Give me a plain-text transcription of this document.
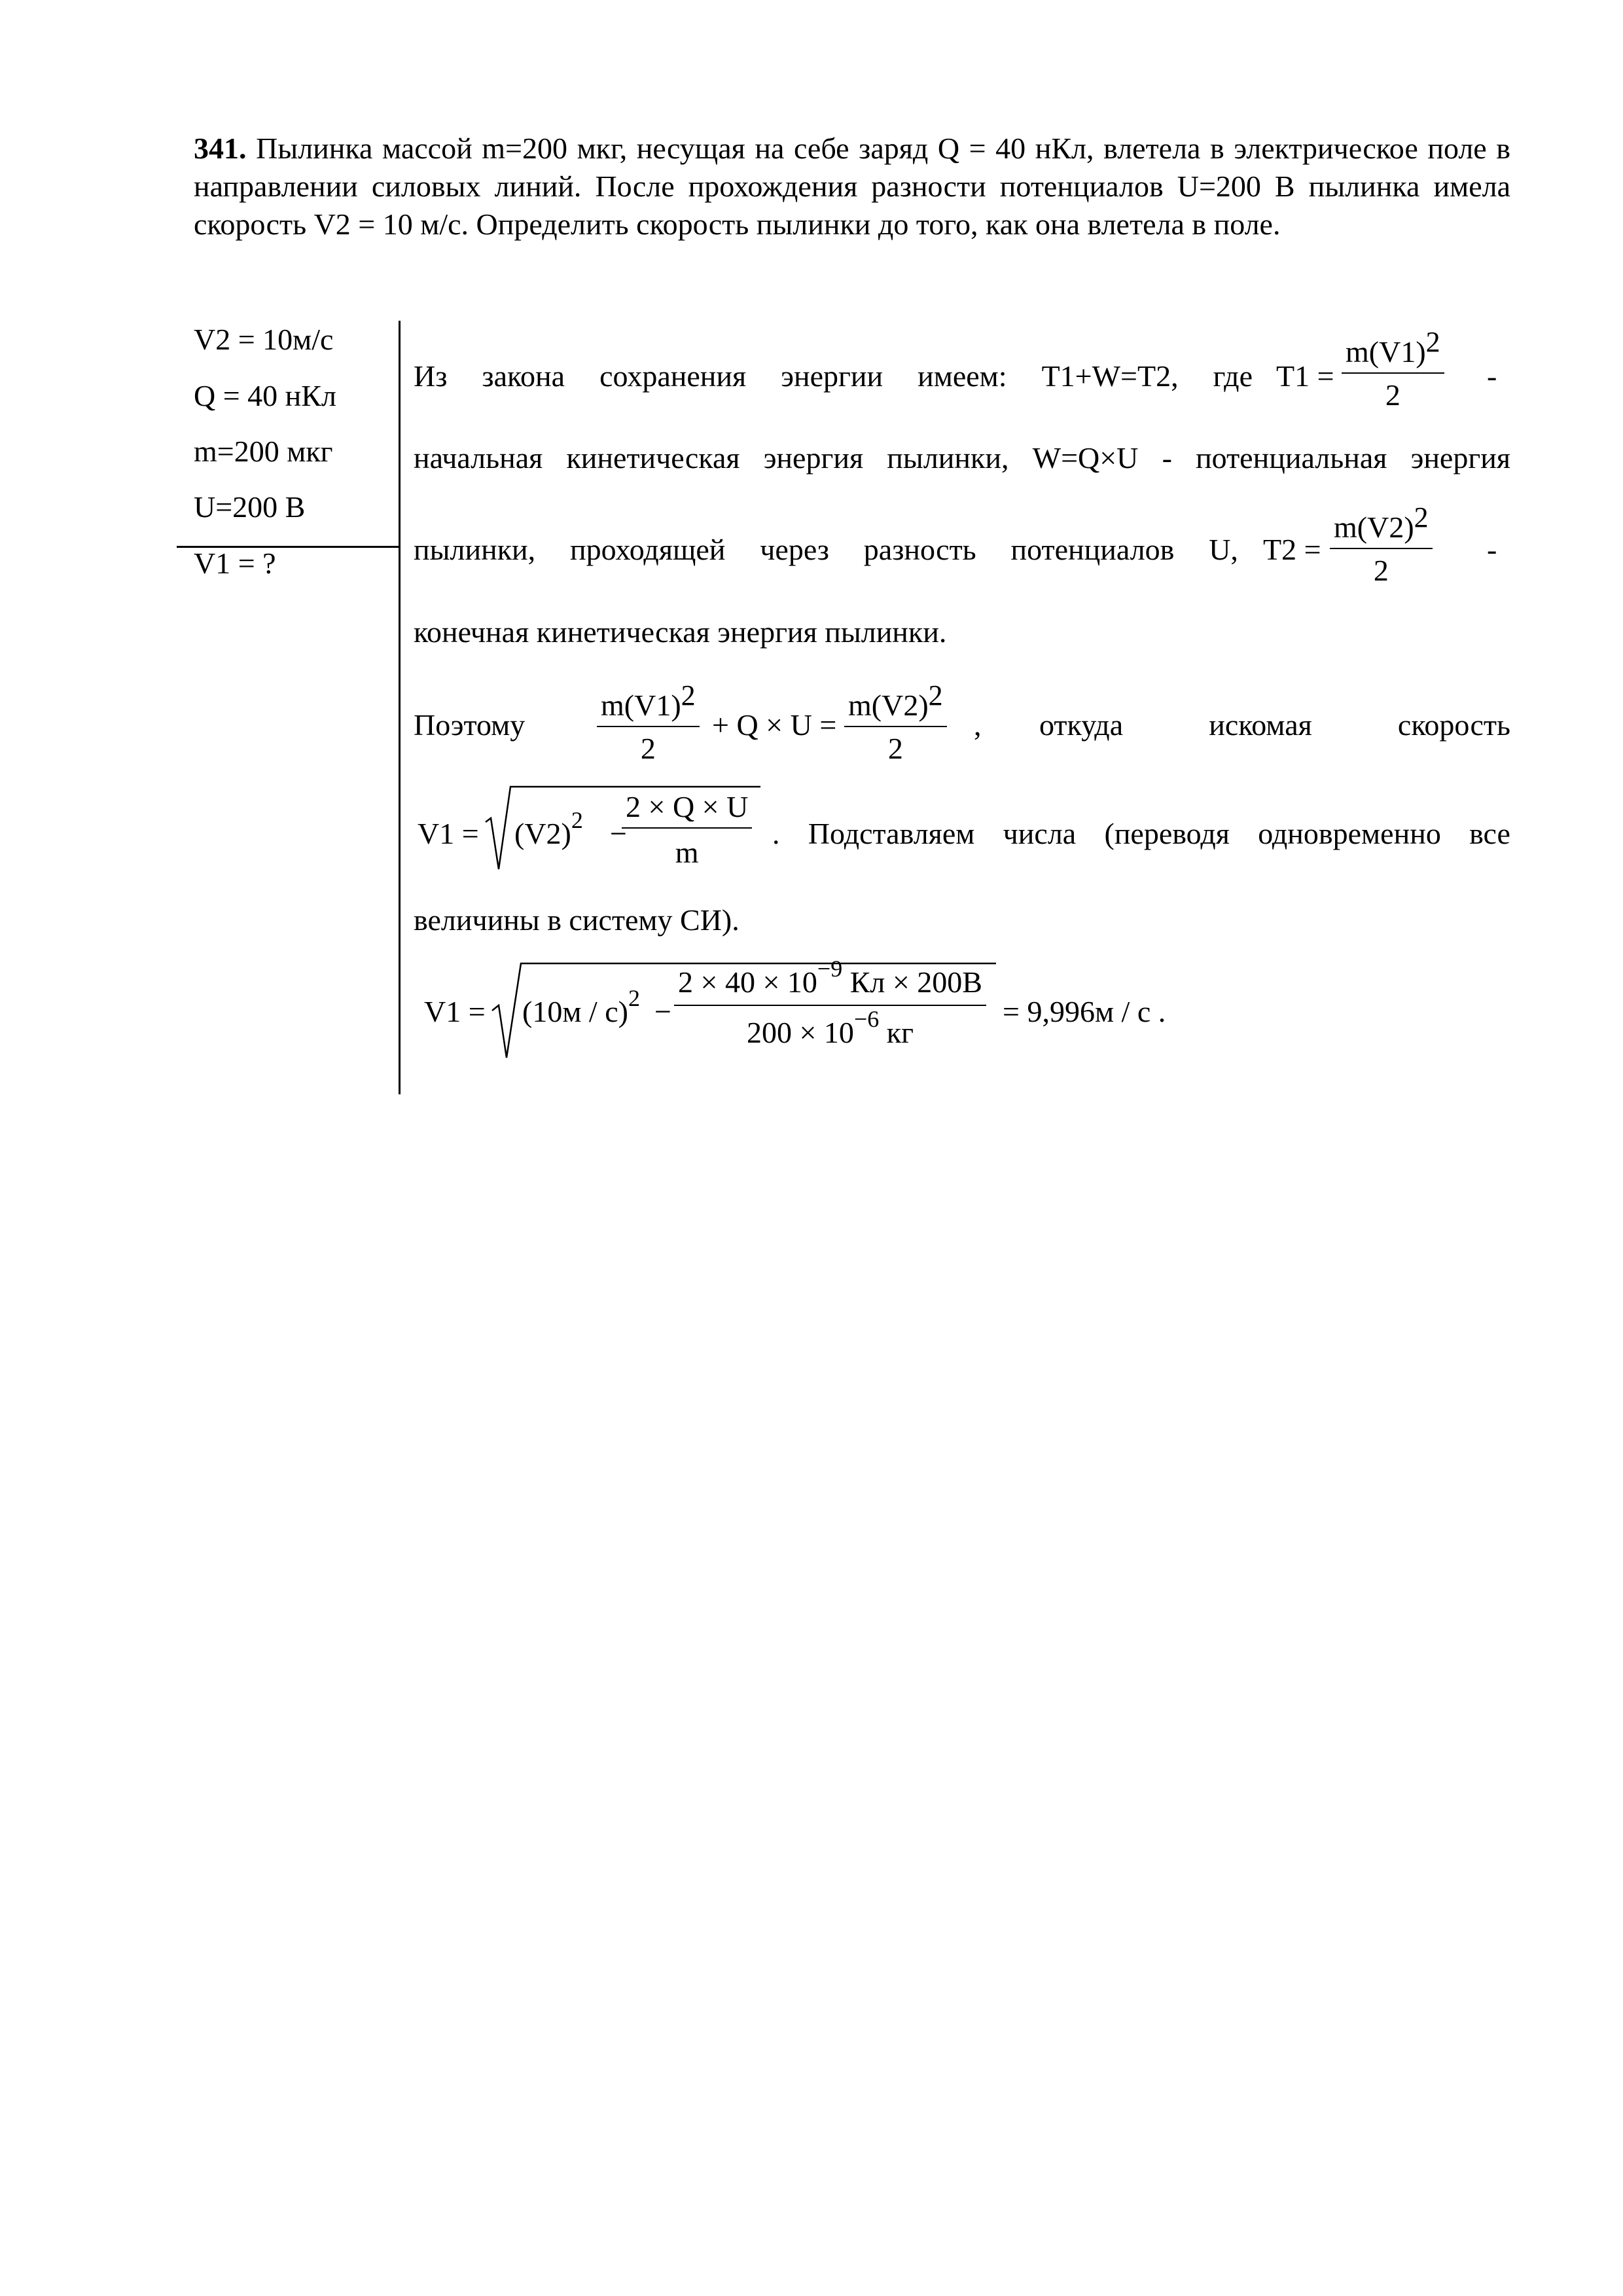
341. Пылинка массой m=200 мкг, несущая на себе заряд Q = 40 нКл, влетела в электрическое поле в направлении силовых линий. После прохождения разности потенциалов U=200 В пылинка имела скорость V2 = 10 м/с. Определить скорость пылинки до того, как она влетела в поле.
V2 = 10м/с
Q = 40 нКл
m=200 мкг
U=200 В
V1 = ?
Из закона сохранения энергии имеем: T1+W=T2, где $T1 = \frac{m(V1)^2}{2}$ -
начальная кинетическая энергия пылинки, W=Q×U - потенциальная энергия
пылинки, проходящей через разность потенциалов U, $T2 = \frac{m(V2)^2}{2}$ -
конечная кинетическая энергия пылинки.
Поэтому $\frac{m(V1)^2}{2} + Q \times U = \frac{m(V2)^2}{2}$ , откуда	искомая	скорость
$V1 = (V2)^2$ −
$\frac{2 \times Q \times U}{m}$ . Подставляем числа (переводя одновременно все
величины в систему СИ).
V1 = (10м / с)$^2$ −
$2 \times 40 \times 10^{-9}$ Кл × 200В
$200 \times 10^{-6}$ кг
= 9,996м / с .
